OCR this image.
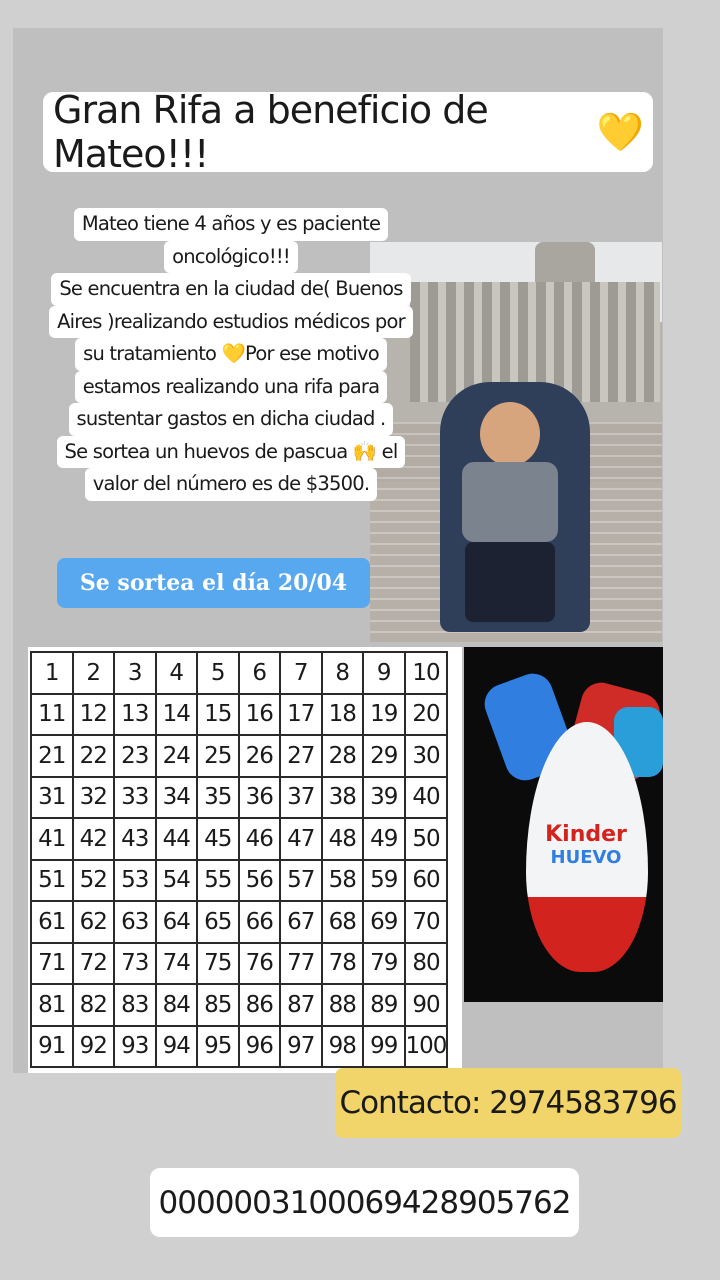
Gran Rifa a beneficio de Mateo!!!
💛
Mateo tiene 4 años y es paciente
oncológico!!!
Se encuentra en la ciudad de( Buenos
Aires )realizando estudios médicos por
su tratamiento 💛Por ese motivo
estamos realizando una rifa para
sustentar gastos en dicha ciudad .
Se sortea un huevos de pascua 🙌 el
valor del número es de $3500.
Se sortea el día 20/04
1	2	3	4	5	6	7	8	9	10
11	12	13	14	15	16	17	18	19	20
21	22	23	24	25	26	27	28	29	30
31	32	33	34	35	36	37	38	39	40
41	42	43	44	45	46	47	48	49	50
51	52	53	54	55	56	57	58	59	60
61	62	63	64	65	66	67	68	69	70
71	72	73	74	75	76	77	78	79	80
81	82	83	84	85	86	87	88	89	90
91	92	93	94	95	96	97	98	99	100
Kinder
HUEVO
Contacto: 2974583796
0000003100069428905762
